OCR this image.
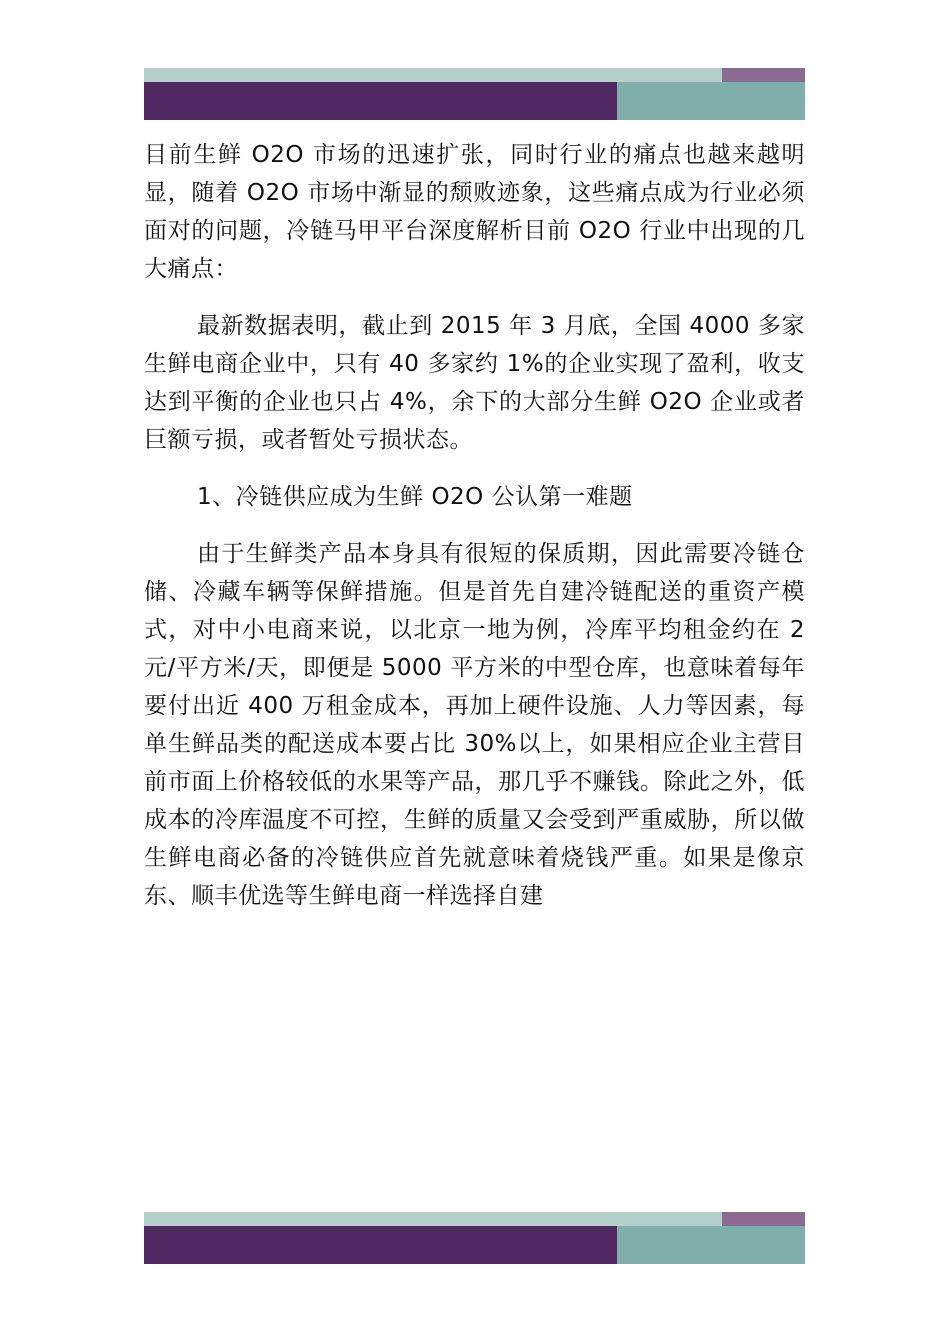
目前生鲜 O2O 市场的迅速扩张，同时行业的痛点也越来越明显，随着 O2O 市场中渐显的颓败迹象，这些痛点成为行业必须面对的问题，冷链马甲平台深度解析目前 O2O 行业中出现的几大痛点：

最新数据表明，截止到 2015 年 3 月底，全国 4000 多家生鲜电商企业中，只有 40 多家约 1%的企业实现了盈利，收支达到平衡的企业也只占 4%，余下的大部分生鲜 O2O 企业或者巨额亏损，或者暂处亏损状态。

1、冷链供应成为生鲜 O2O 公认第一难题

由于生鲜类产品本身具有很短的保质期，因此需要冷链仓储、冷藏车辆等保鲜措施。但是首先自建冷链配送的重资产模式，对中小电商来说，以北京一地为例，冷库平均租金约在 2 元/平方米/天，即便是 5000 平方米的中型仓库，也意味着每年要付出近 400 万租金成本，再加上硬件设施、人力等因素，每单生鲜品类的配送成本要占比 30%以上，如果相应企业主营目前市面上价格较低的水果等产品，那几乎不赚钱。除此之外，低成本的冷库温度不可控，生鲜的质量又会受到严重威胁，所以做生鲜电商必备的冷链供应首先就意味着烧钱严重。如果是像京东、顺丰优选等生鲜电商一样选择自建
